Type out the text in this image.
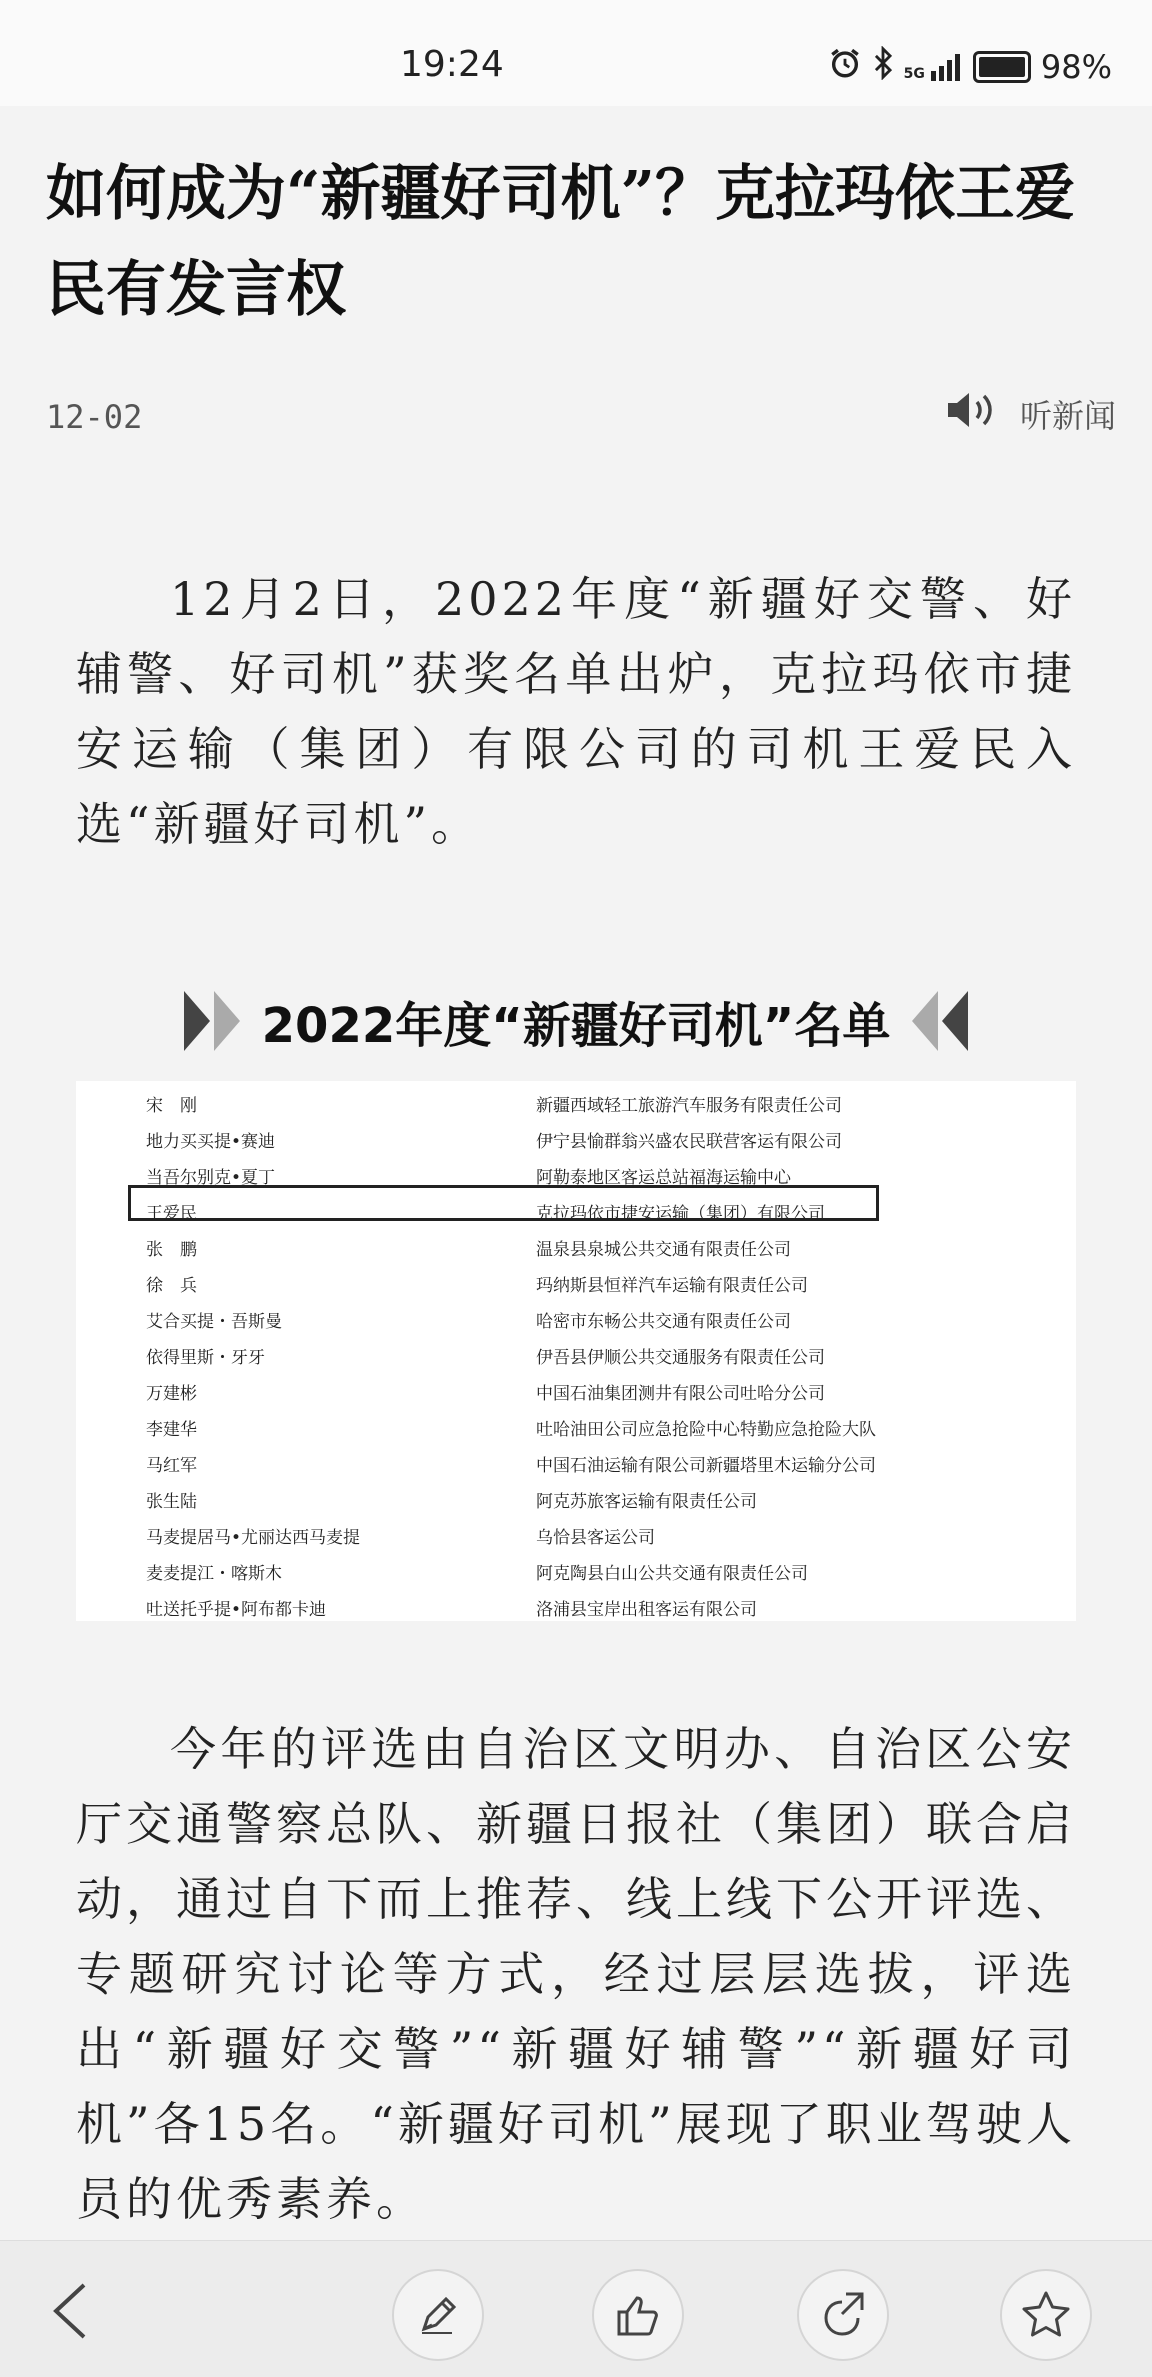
19:24	5G	98%
如何成为“新疆好司机”？克拉玛依王爱民有发言权
12-02	听新闻

12月2日，2022年度“新疆好交警、好辅警、好司机”获奖名单出炉，克拉玛依市捷安运输（集团）有限公司的司机王爱民入选“新疆好司机”。

2022年度“新疆好司机”名单
宋　刚	新疆西域轻工旅游汽车服务有限责任公司
地力买买提•赛迪	伊宁县愉群翁兴盛农民联营客运有限公司
当吾尔别克•夏丁	阿勒泰地区客运总站福海运输中心
王爱民	克拉玛依市捷安运输（集团）有限公司
张　鹏	温泉县泉城公共交通有限责任公司
徐　兵	玛纳斯县恒祥汽车运输有限责任公司
艾合买提・吾斯曼	哈密市东畅公共交通有限责任公司
依得里斯・牙牙	伊吾县伊顺公共交通服务有限责任公司
万建彬	中国石油集团测井有限公司吐哈分公司
李建华	吐哈油田公司应急抢险中心特勤应急抢险大队
马红军	中国石油运输有限公司新疆塔里木运输分公司
张生陆	阿克苏旅客运输有限责任公司
马麦提居马•尤丽达西马麦提	乌恰县客运公司
麦麦提江・喀斯木	阿克陶县白山公共交通有限责任公司
吐送托乎提•阿布都卡迪	洛浦县宝岸出租客运有限公司

今年的评选由自治区文明办、自治区公安厅交通警察总队、新疆日报社（集团）联合启动，通过自下而上推荐、线上线下公开评选、专题研究讨论等方式，经过层层选拔，评选出“新疆好交警”“新疆好辅警”“新疆好司机”各15名。“新疆好司机”展现了职业驾驶人员的优秀素养。
